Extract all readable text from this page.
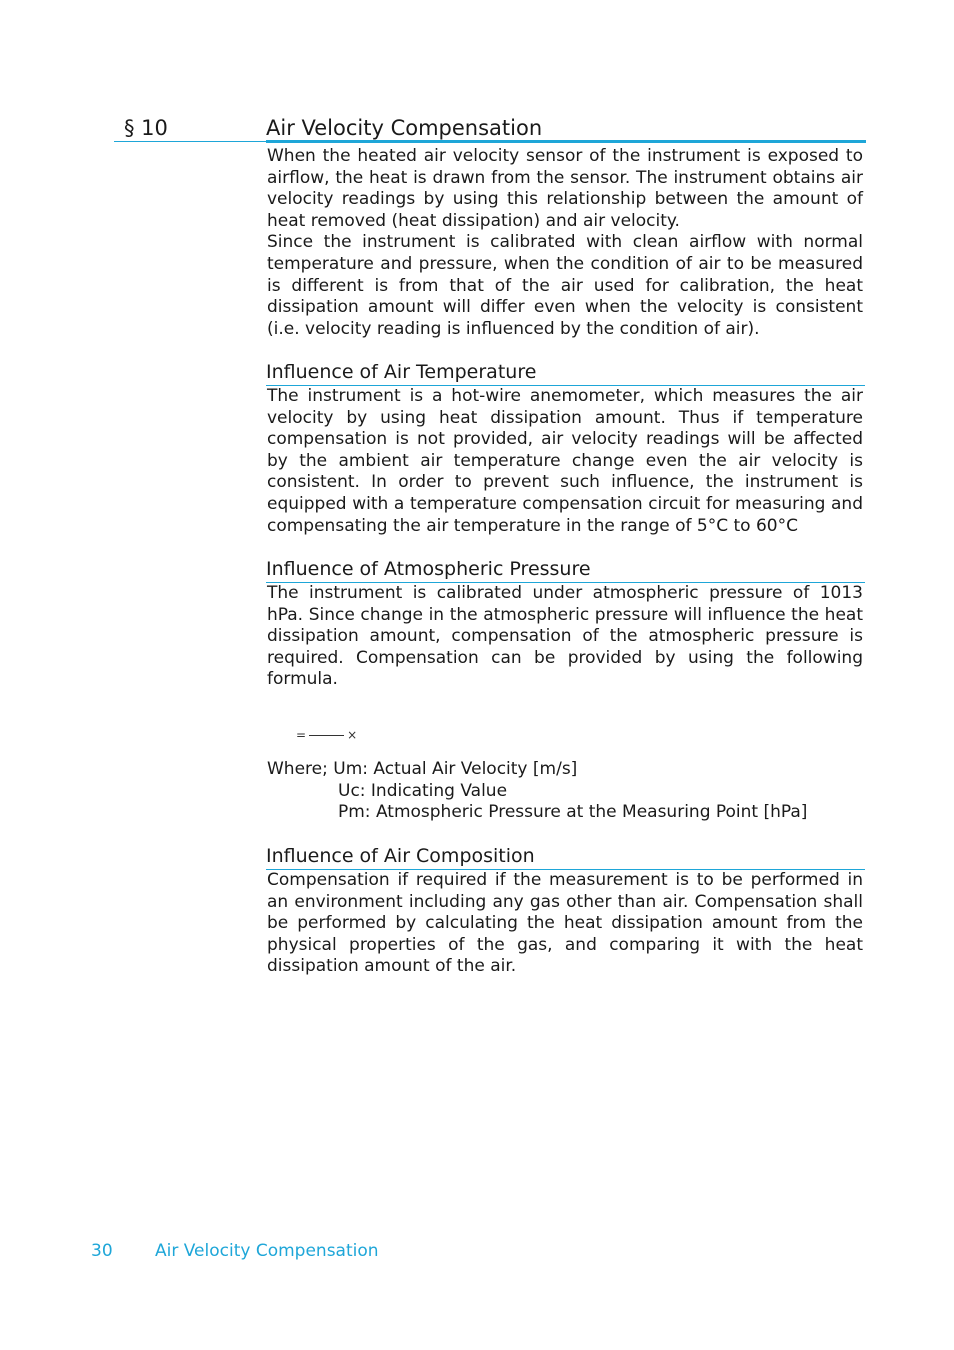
§ 10	Air Velocity Compensation

When the heated air velocity sensor of the instrument is exposed to airflow, the heat is drawn from the sensor. The instrument obtains air velocity readings by using this relationship between the amount of heat removed (heat dissipation) and air velocity.

Since the instrument is calibrated with clean airflow with normal temperature and pressure, when the condition of air to be measured is different is from that of the air used for calibration, the heat dissipation amount will differ even when the velocity is consistent (i.e. velocity reading is influenced by the condition of air).

Influence of Air Temperature

The instrument is a hot-wire anemometer, which measures the air velocity by using heat dissipation amount. Thus if temperature compensation is not provided, air velocity readings will be affected by the ambient air temperature change even the air velocity is consistent. In order to prevent such influence, the instrument is equipped with a temperature compensation circuit for measuring and compensating the air temperature in the range of 5°C to 60°C

Influence of Atmospheric Pressure

The instrument is calibrated under atmospheric pressure of 1013 hPa. Since change in the atmospheric pressure will influence the heat dissipation amount, compensation of the atmospheric pressure is required. Compensation can be provided by using the following formula.

=	×
Where; Um: Actual Air Velocity [m/s]
Uc: Indicating Value
Pm: Atmospheric Pressure at the Measuring Point [hPa]
Influence of Air Composition

Compensation if required if the measurement is to be performed in an environment including any gas other than air. Compensation shall be performed by calculating the heat dissipation amount from the physical properties of the gas, and comparing it with the heat dissipation amount of the air.

30 Air Velocity Compensation
